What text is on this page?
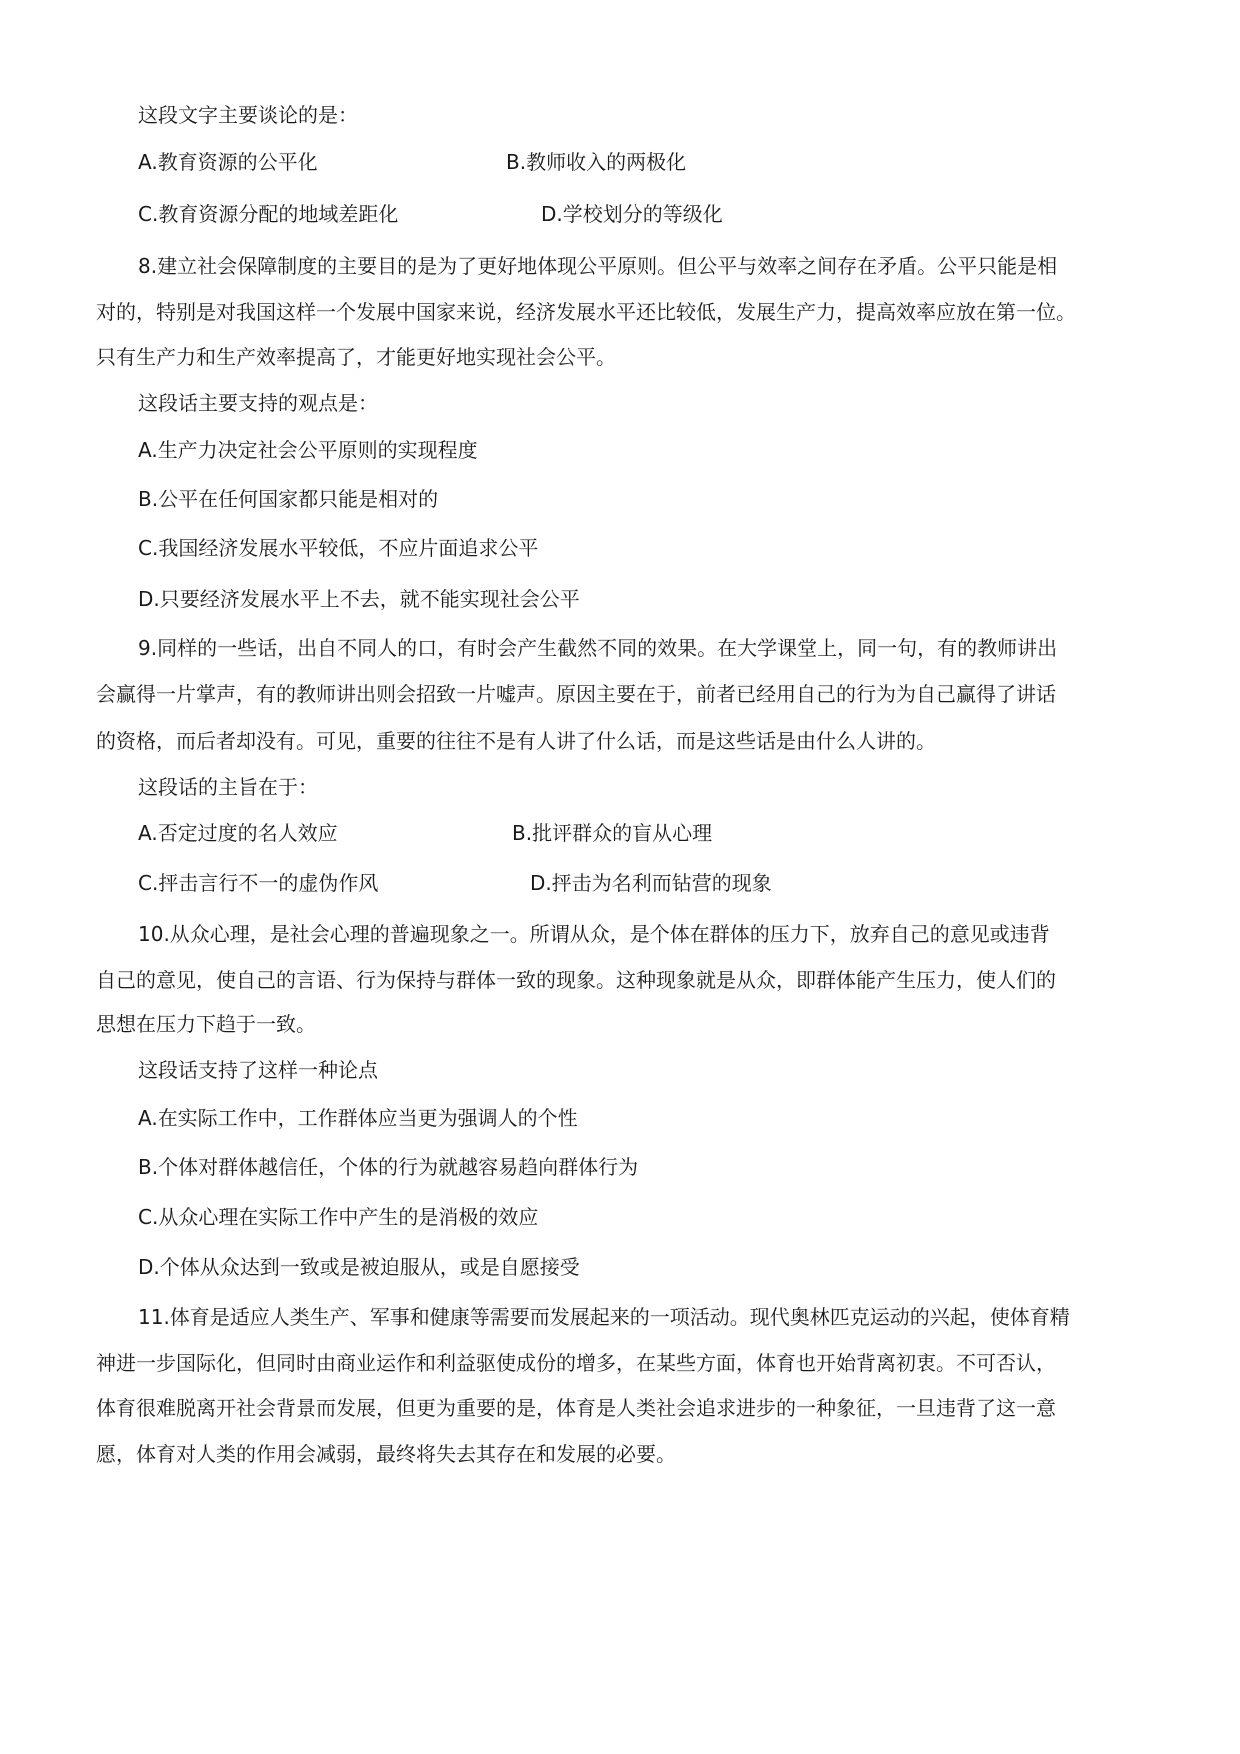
这段文字主要谈论的是：
A.教育资源的公平化	B.教师收入的两极化
C.教育资源分配的地域差距化	D.学校划分的等级化
8.建立社会保障制度的主要目的是为了更好地体现公平原则。但公平与效率之间存在矛盾。公平只能是相
对的，特别是对我国这样一个发展中国家来说，经济发展水平还比较低，发展生产力，提高效率应放在第一位。
只有生产力和生产效率提高了，才能更好地实现社会公平。
这段话主要支持的观点是：
A.生产力决定社会公平原则的实现程度
B.公平在任何国家都只能是相对的
C.我国经济发展水平较低，不应片面追求公平
D.只要经济发展水平上不去，就不能实现社会公平
9.同样的一些话，出自不同人的口，有时会产生截然不同的效果。在大学课堂上，同一句，有的教师讲出
会赢得一片掌声，有的教师讲出则会招致一片嘘声。原因主要在于，前者已经用自己的行为为自己赢得了讲话
的资格，而后者却没有。可见，重要的往往不是有人讲了什么话，而是这些话是由什么人讲的。
这段话的主旨在于：
A.否定过度的名人效应	B.批评群众的盲从心理
C.抨击言行不一的虚伪作风	D.抨击为名利而钻营的现象
10.从众心理，是社会心理的普遍现象之一。所谓从众，是个体在群体的压力下，放弃自己的意见或违背
自己的意见，使自己的言语、行为保持与群体一致的现象。这种现象就是从众，即群体能产生压力，使人们的
思想在压力下趋于一致。
这段话支持了这样一种论点
A.在实际工作中，工作群体应当更为强调人的个性
B.个体对群体越信任，个体的行为就越容易趋向群体行为
C.从众心理在实际工作中产生的是消极的效应
D.个体从众达到一致或是被迫服从，或是自愿接受
11.体育是适应人类生产、军事和健康等需要而发展起来的一项活动。现代奥林匹克运动的兴起，使体育精
神进一步国际化，但同时由商业运作和利益驱使成份的增多，在某些方面，体育也开始背离初衷。不可否认，
体育很难脱离开社会背景而发展，但更为重要的是，体育是人类社会追求进步的一种象征，一旦违背了这一意
愿，体育对人类的作用会减弱，最终将失去其存在和发展的必要。
